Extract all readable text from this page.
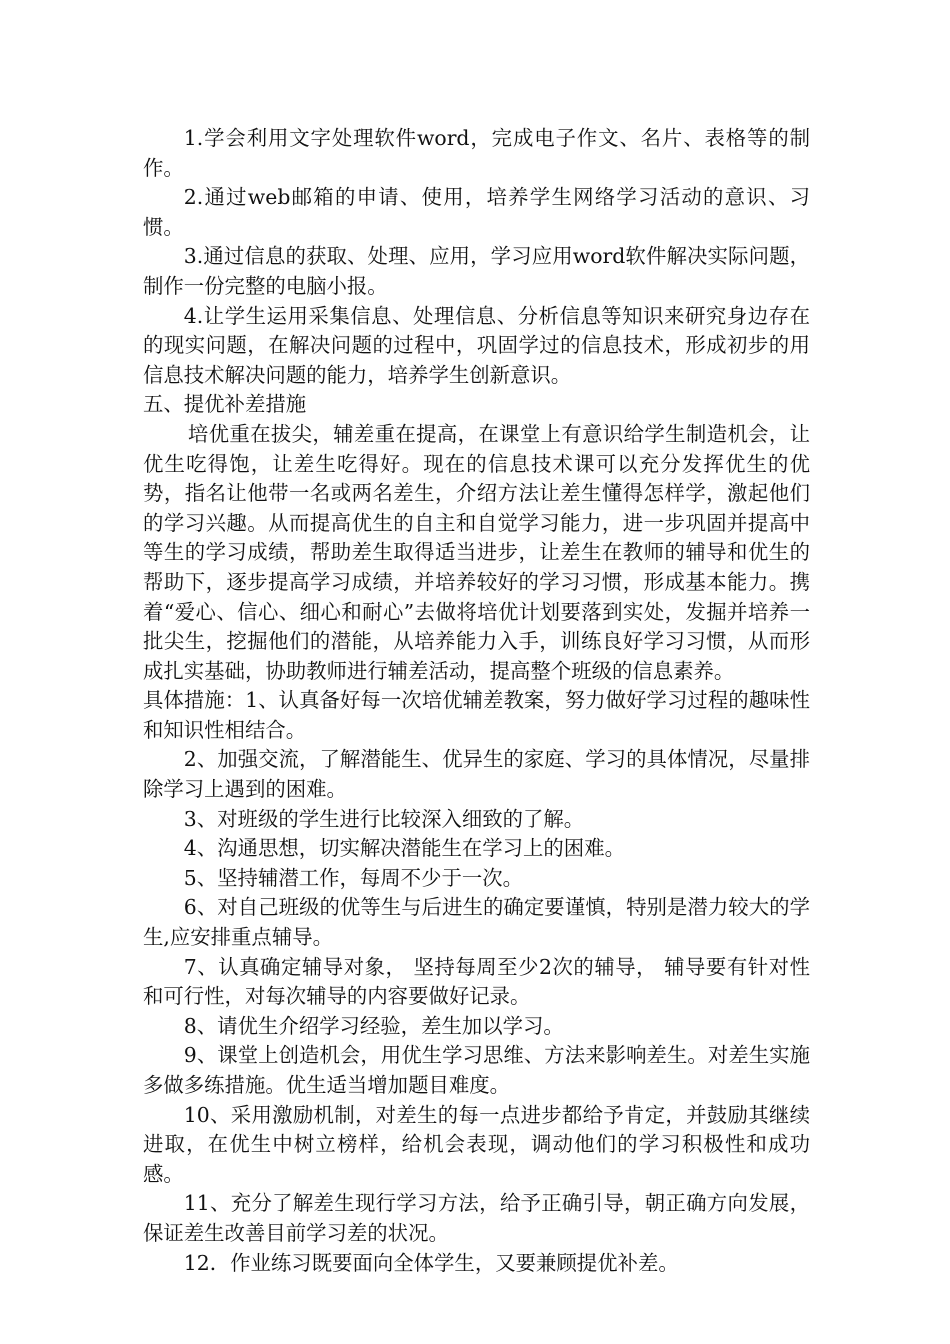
1.学会利用文字处理软件word，完成电子作文、名片、表格等的制作。

2.通过web邮箱的申请、使用，培养学生网络学习活动的意识、习惯。

3.通过信息的获取、处理、应用，学习应用word软件解决实际问题，制作一份完整的电脑小报。

4.让学生运用采集信息、处理信息、分析信息等知识来研究身边存在的现实问题，在解决问题的过程中，巩固学过的信息技术，形成初步的用信息技术解决问题的能力，培养学生创新意识。

五、提优补差措施

培优重在拔尖，辅差重在提高，在课堂上有意识给学生制造机会，让优生吃得饱，让差生吃得好。现在的信息技术课可以充分发挥优生的优势，指名让他带一名或两名差生，介绍方法让差生懂得怎样学，激起他们的学习兴趣。从而提高优生的自主和自觉学习能力，进一步巩固并提高中等生的学习成绩，帮助差生取得适当进步，让差生在教师的辅导和优生的帮助下，逐步提高学习成绩，并培养较好的学习习惯，形成基本能力。携着“爱心、信心、细心和耐心”去做将培优计划要落到实处，发掘并培养一批尖生，挖掘他们的潜能，从培养能力入手，训练良好学习习惯，从而形成扎实基础，协助教师进行辅差活动，提高整个班级的信息素养。

具体措施：1、认真备好每一次培优辅差教案，努力做好学习过程的趣味性和知识性相结合。

2、加强交流，了解潜能生、优异生的家庭、学习的具体情况，尽量排除学习上遇到的困难。

3、对班级的学生进行比较深入细致的了解。

4、沟通思想，切实解决潜能生在学习上的困难。

5、坚持辅潜工作，每周不少于一次。

6、对自己班级的优等生与后进生的确定要谨慎，特别是潜力较大的学生,应安排重点辅导。

7、认真确定辅导对象， 坚持每周至少2次的辅导， 辅导要有针对性和可行性，对每次辅导的内容要做好记录。

8、请优生介绍学习经验，差生加以学习。

9、课堂上创造机会，用优生学习思维、方法来影响差生。对差生实施多做多练措施。优生适当增加题目难度。

10、采用激励机制，对差生的每一点进步都给予肯定，并鼓励其继续进取，在优生中树立榜样，给机会表现，调动他们的学习积极性和成功感。

11、充分了解差生现行学习方法，给予正确引导，朝正确方向发展，保证差生改善目前学习差的状况。

12．作业练习既要面向全体学生，又要兼顾提优补差。
